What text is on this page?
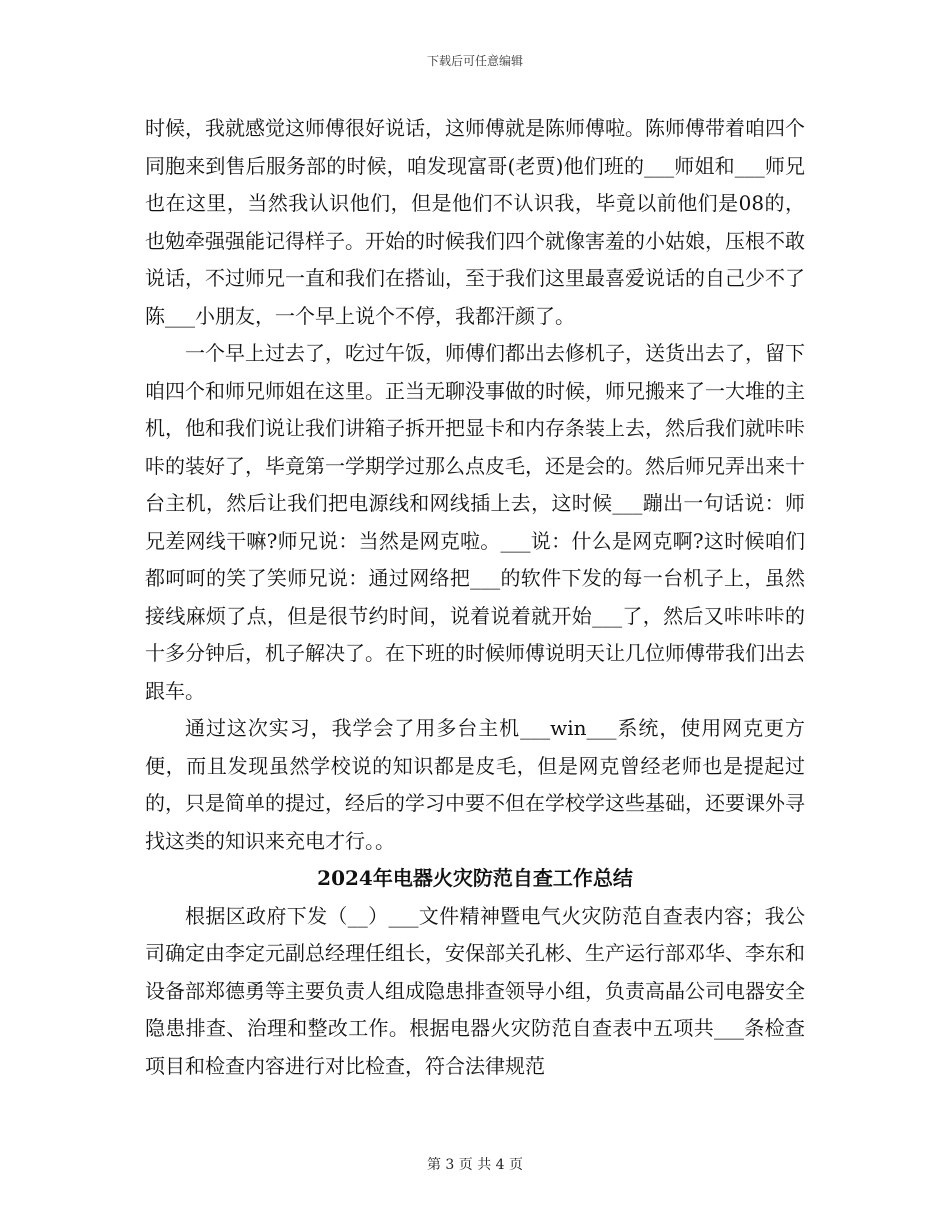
下载后可任意编辑

时候，我就感觉这师傅很好说话，这师傅就是陈师傅啦。陈师傅带着咱四个同胞来到售后服务部的时候，咱发现富哥(老贾)他们班的___师姐和___师兄也在这里，当然我认识他们，但是他们不认识我，毕竟以前他们是08的，也勉牵强强能记得样子。开始的时候我们四个就像害羞的小姑娘，压根不敢说话，不过师兄一直和我们在搭讪，至于我们这里最喜爱说话的自己少不了陈___小朋友，一个早上说个不停，我都汗颜了。

一个早上过去了，吃过午饭，师傅们都出去修机子，送货出去了，留下咱四个和师兄师姐在这里。正当无聊没事做的时候，师兄搬来了一大堆的主机，他和我们说让我们讲箱子拆开把显卡和内存条装上去，然后我们就咔咔咔的装好了，毕竟第一学期学过那么点皮毛，还是会的。然后师兄弄出来十台主机，然后让我们把电源线和网线插上去，这时候___蹦出一句话说：师兄差网线干嘛?师兄说：当然是网克啦。___说：什么是网克啊?这时候咱们都呵呵的笑了笑师兄说：通过网络把___的软件下发的每一台机子上，虽然接线麻烦了点，但是很节约时间，说着说着就开始___了，然后又咔咔咔的十多分钟后，机子解决了。在下班的时候师傅说明天让几位师傅带我们出去跟车。

通过这次实习，我学会了用多台主机___win___系统，使用网克更方便，而且发现虽然学校说的知识都是皮毛，但是网克曾经老师也是提起过的，只是简单的提过，经后的学习中要不但在学校学这些基础，还要课外寻找这类的知识来充电才行。。

2024年电器火灾防范自查工作总结

根据区政府下发（__）___文件精神暨电气火灾防范自查表内容；我公司确定由李定元副总经理任组长，安保部关孔彬、生产运行部邓华、李东和设备部郑德勇等主要负责人组成隐患排查领导小组，负责高晶公司电器安全隐患排查、治理和整改工作。根据电器火灾防范自查表中五项共___条检查项目和检查内容进行对比检查，符合法律规范

第 3 页 共 4 页
